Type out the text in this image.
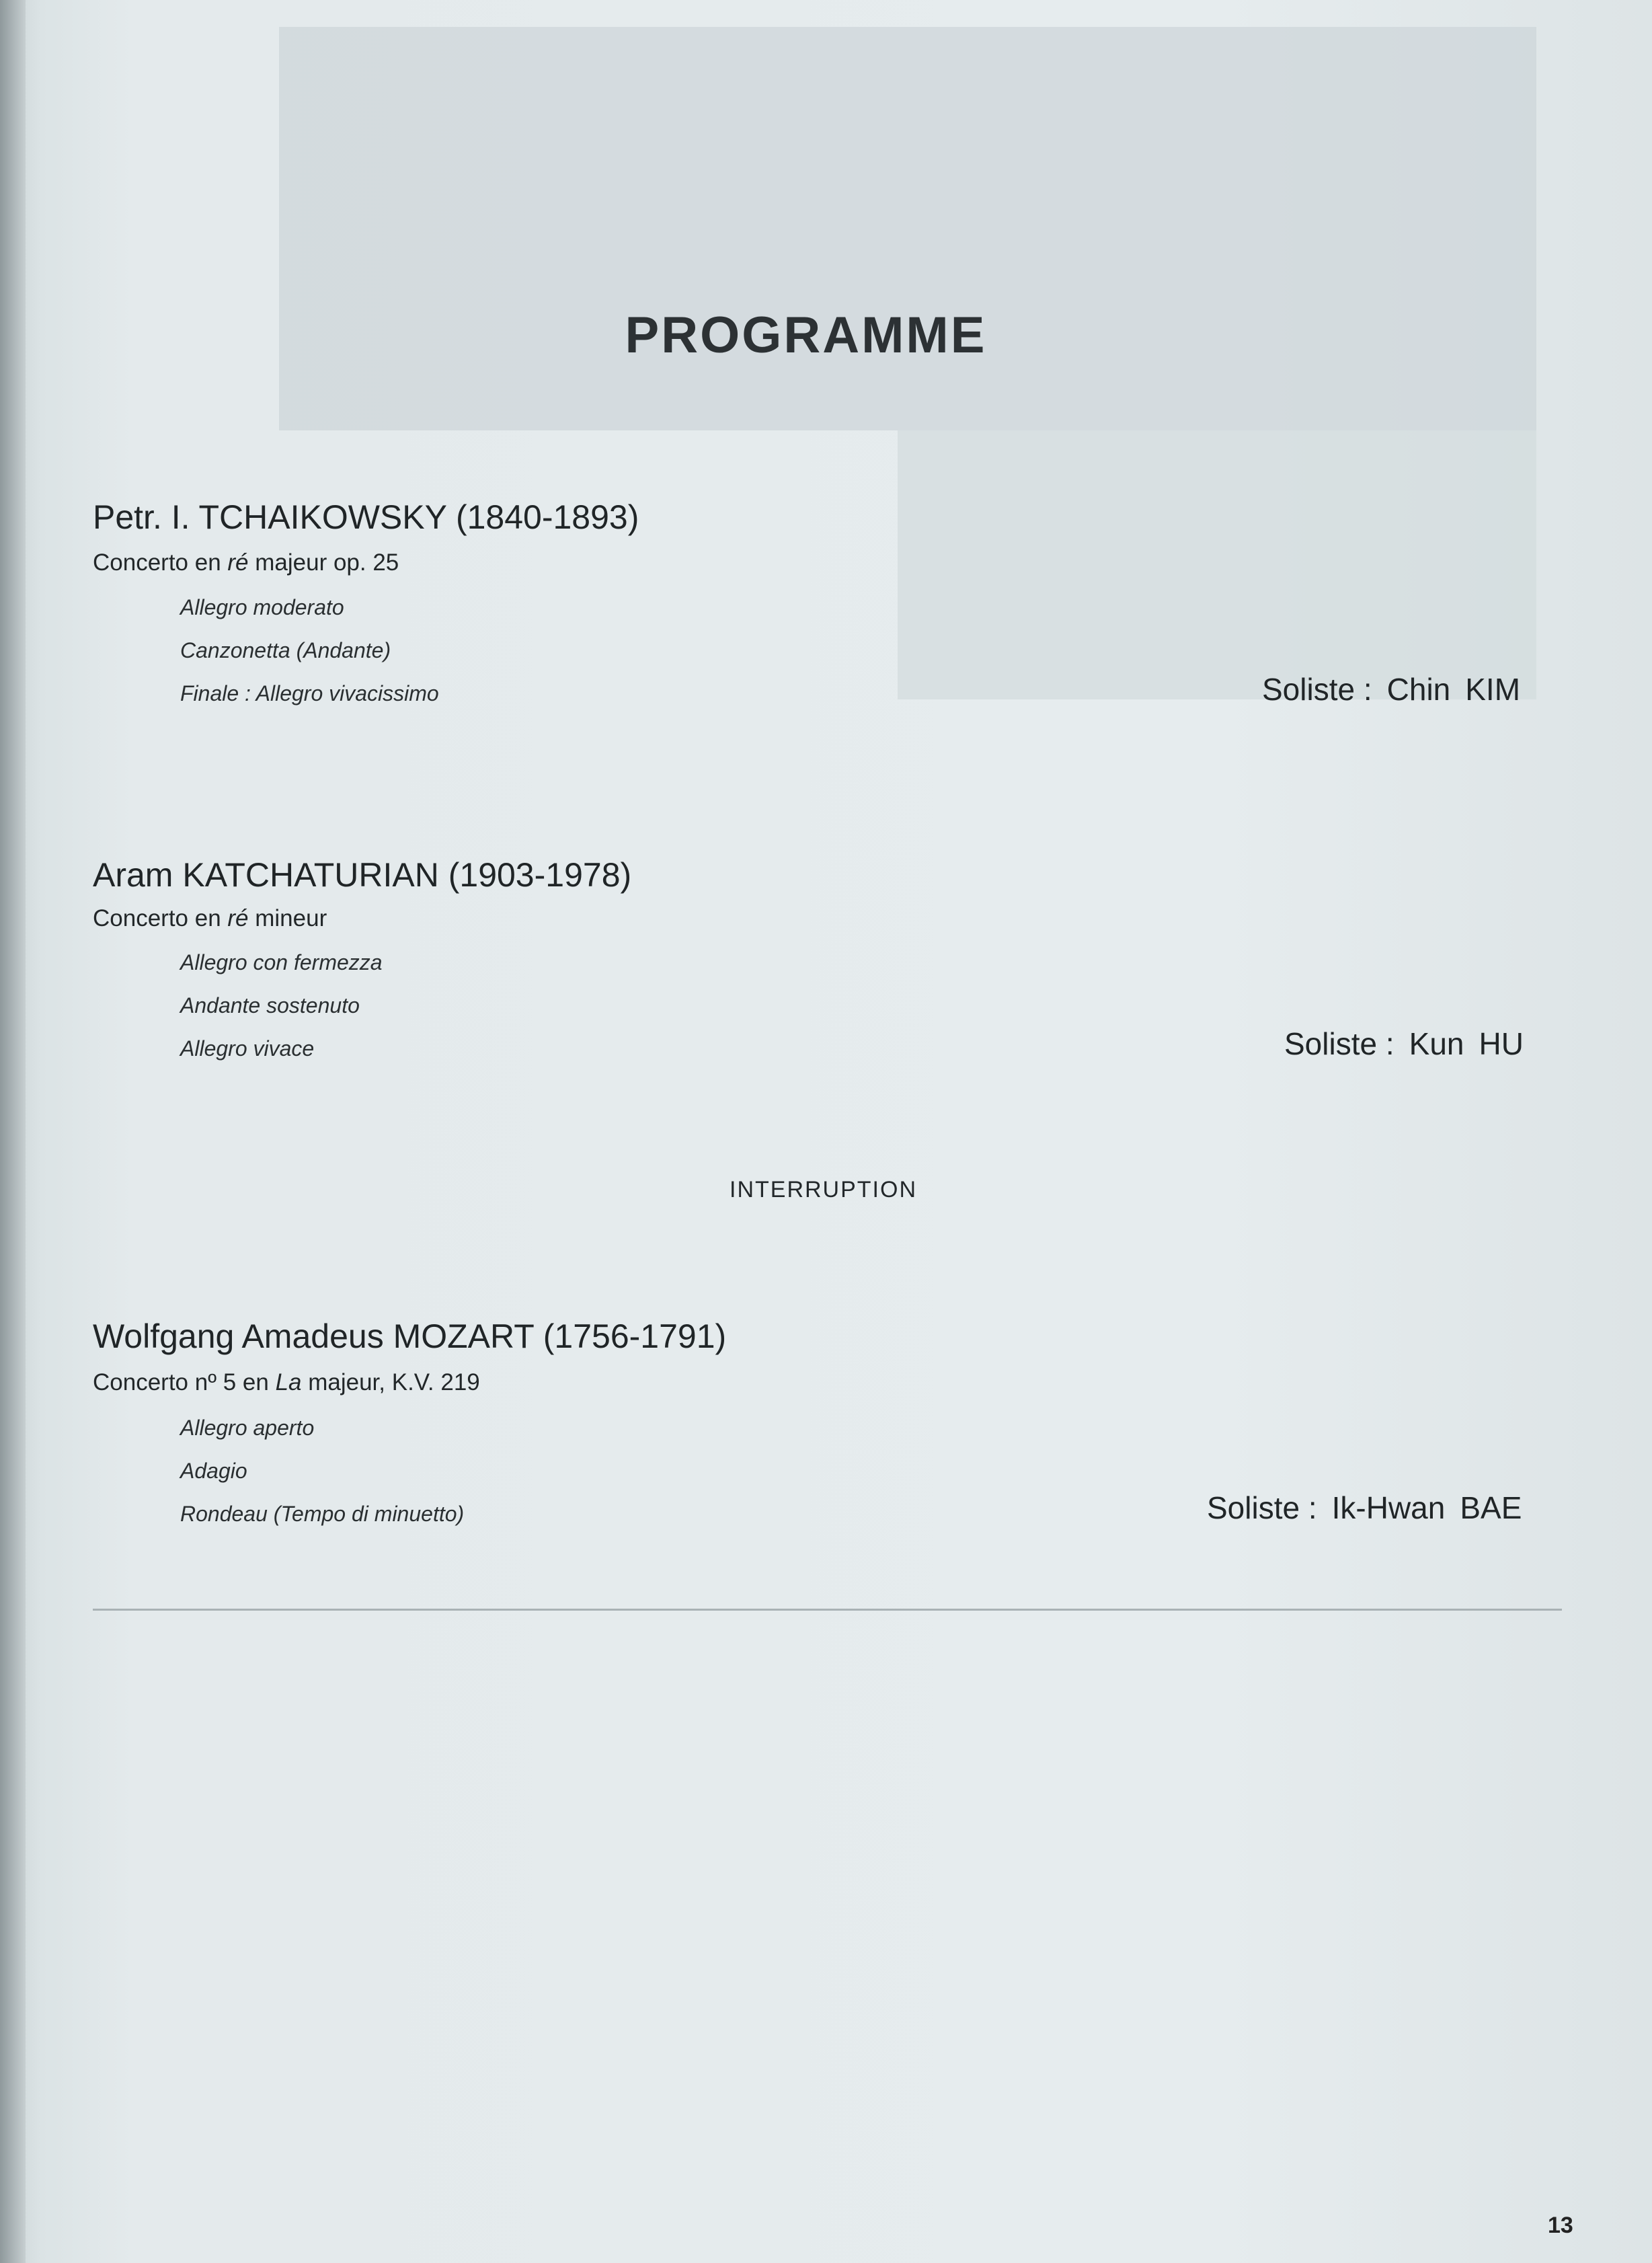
PROGRAMME
Petr. I. TCHAIKOWSKY (1840-1893)
Concerto en ré majeur op. 25
Allegro moderato
Canzonetta (Andante)
Finale : Allegro vivacissimo	Soliste : Chin KIM
Aram KATCHATURIAN (1903-1978)
Concerto en ré mineur
Allegro con fermezza
Andante sostenuto
Allegro vivace	Soliste : Kun HU
INTERRUPTION
Wolfgang Amadeus MOZART (1756-1791)
Concerto nº 5 en La majeur, K.V. 219
Allegro aperto
Adagio
Rondeau (Tempo di minuetto)	Soliste : Ik-Hwan BAE
13
